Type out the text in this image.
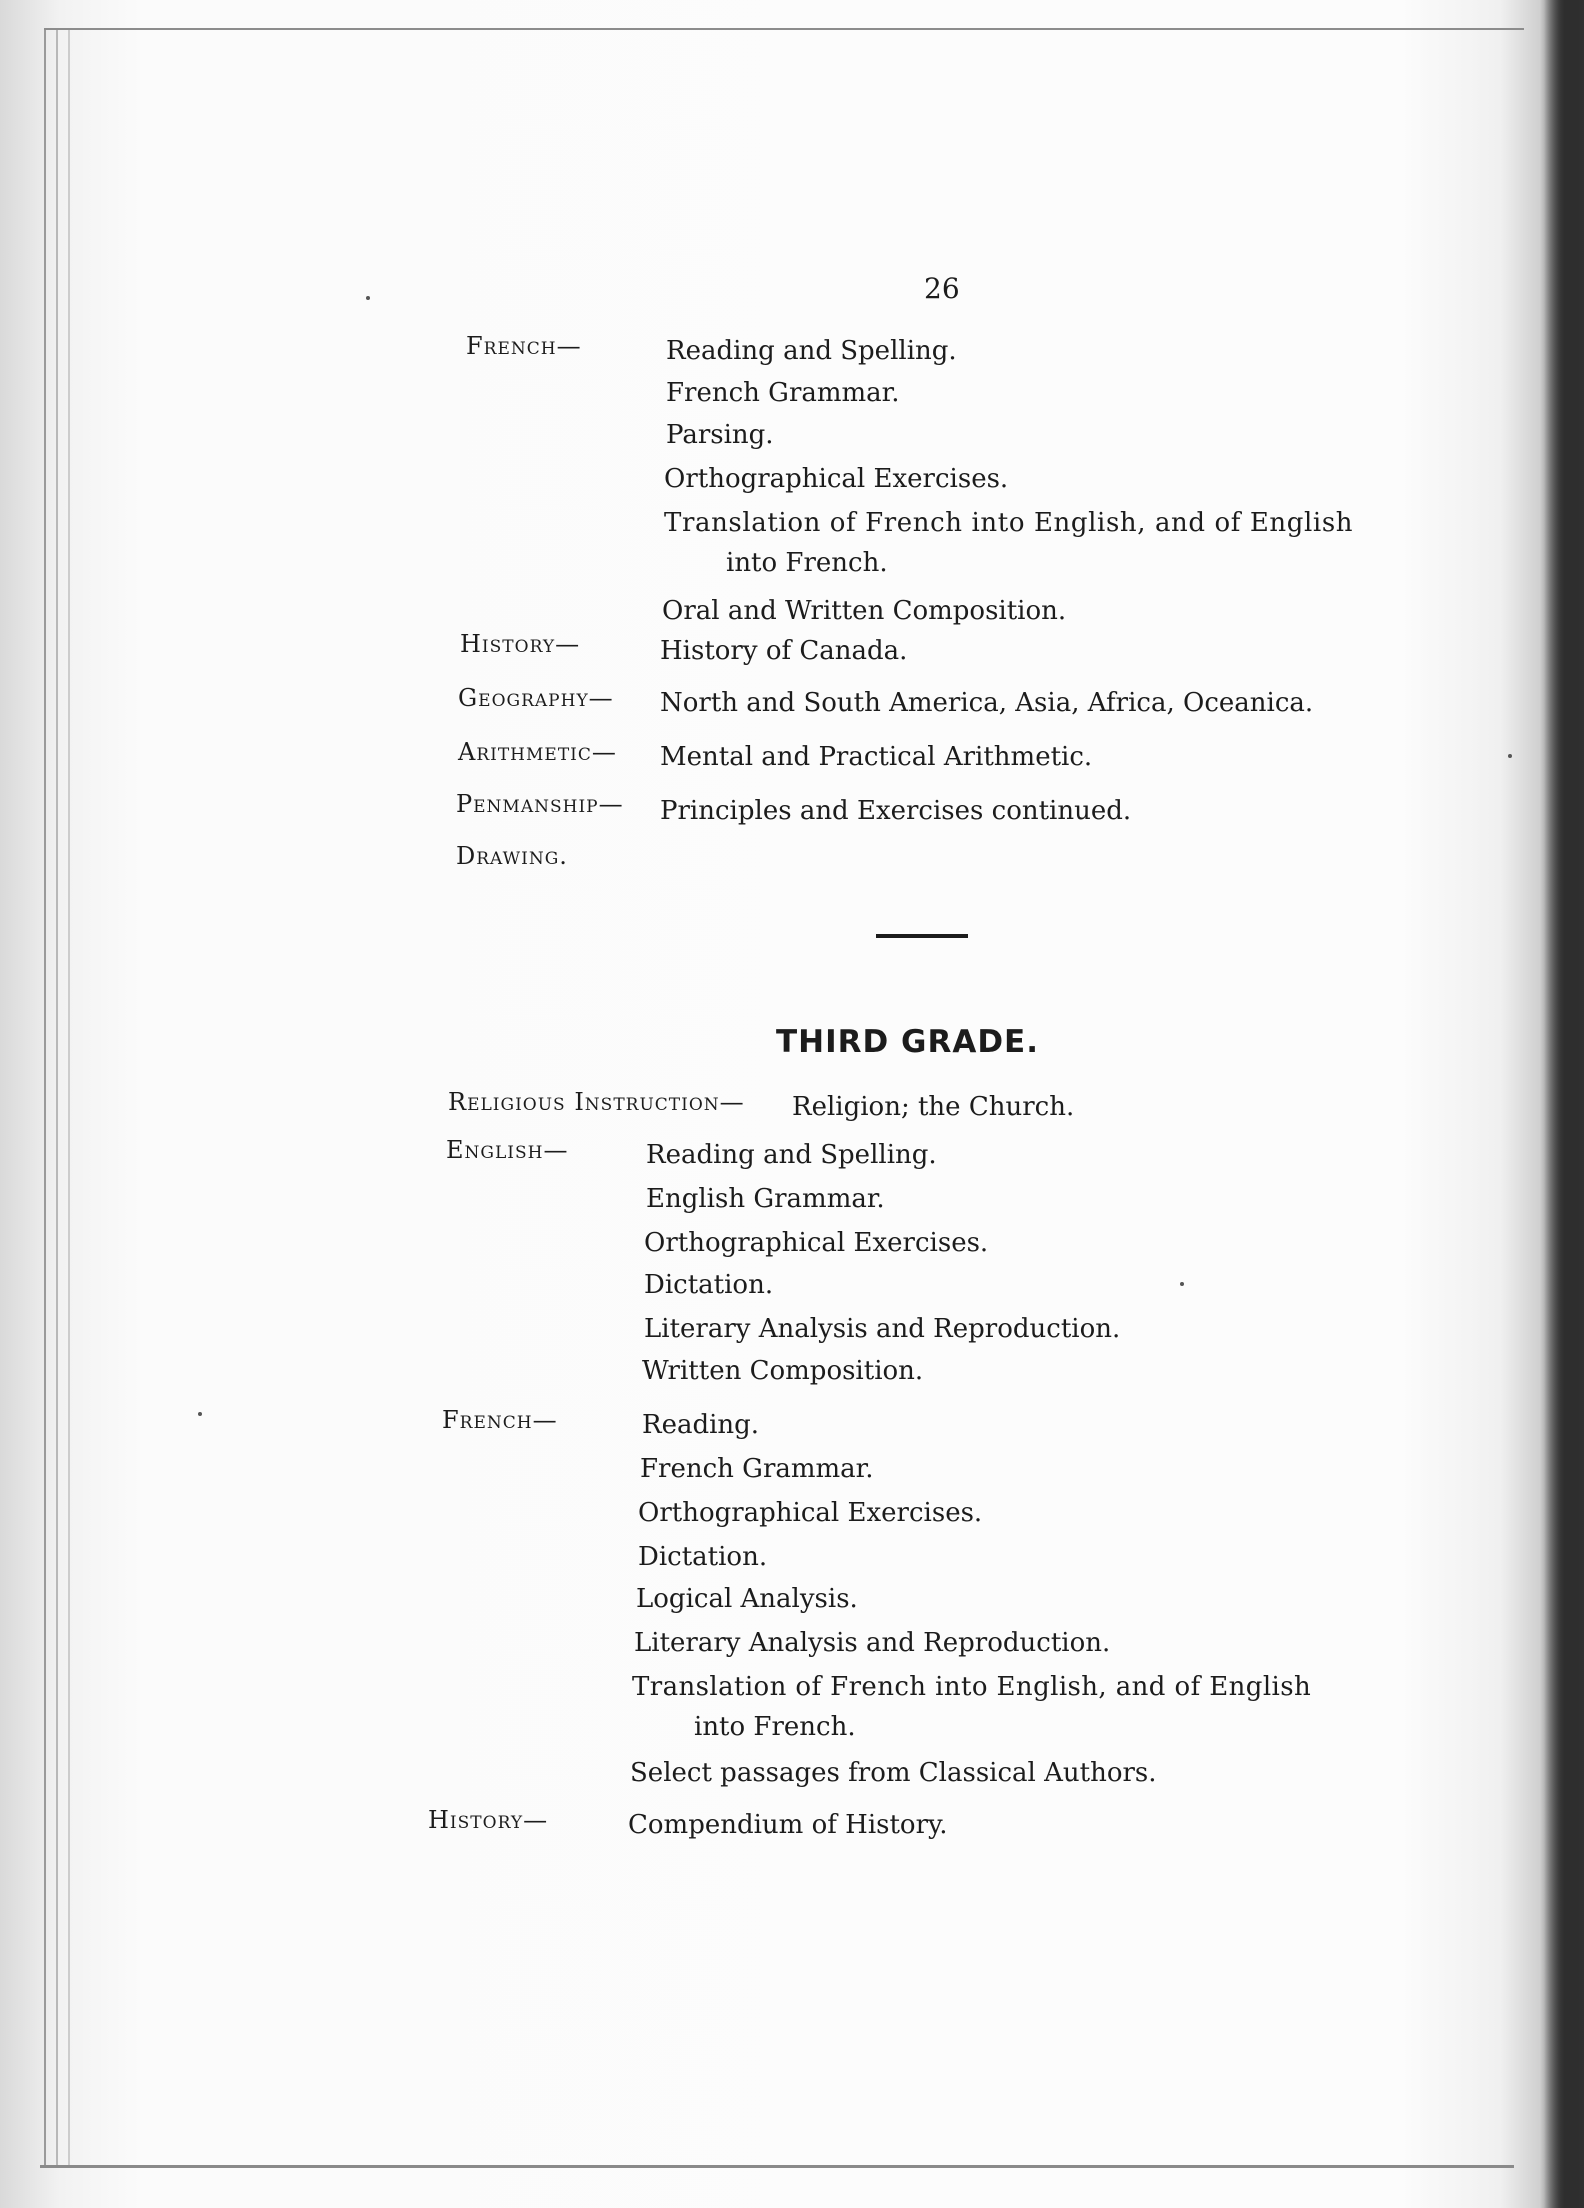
26
French—	Reading and Spelling.
French Grammar.
Parsing.
Orthographical Exercises.
Translation of French into English, and of English
into French.
Oral and Written Composition.
History—	History of Canada.
Geography— North and South America, Asia, Africa, Oceanica.
Arithmetic— Mental and Practical Arithmetic.
Penmanship— Principles and Exercises continued.
Drawing.
THIRD GRADE.
Religious Instruction— Religion; the Church.
English—	Reading and Spelling.
English Grammar.
Orthographical Exercises.
Dictation.
Literary Analysis and Reproduction.
Written Composition.
French—	Reading.
French Grammar.
Orthographical Exercises.
Dictation.
Logical Analysis.
Literary Analysis and Reproduction.
Translation of French into English, and of English
into French.
Select passages from Classical Authors.
History—	Compendium of History.
